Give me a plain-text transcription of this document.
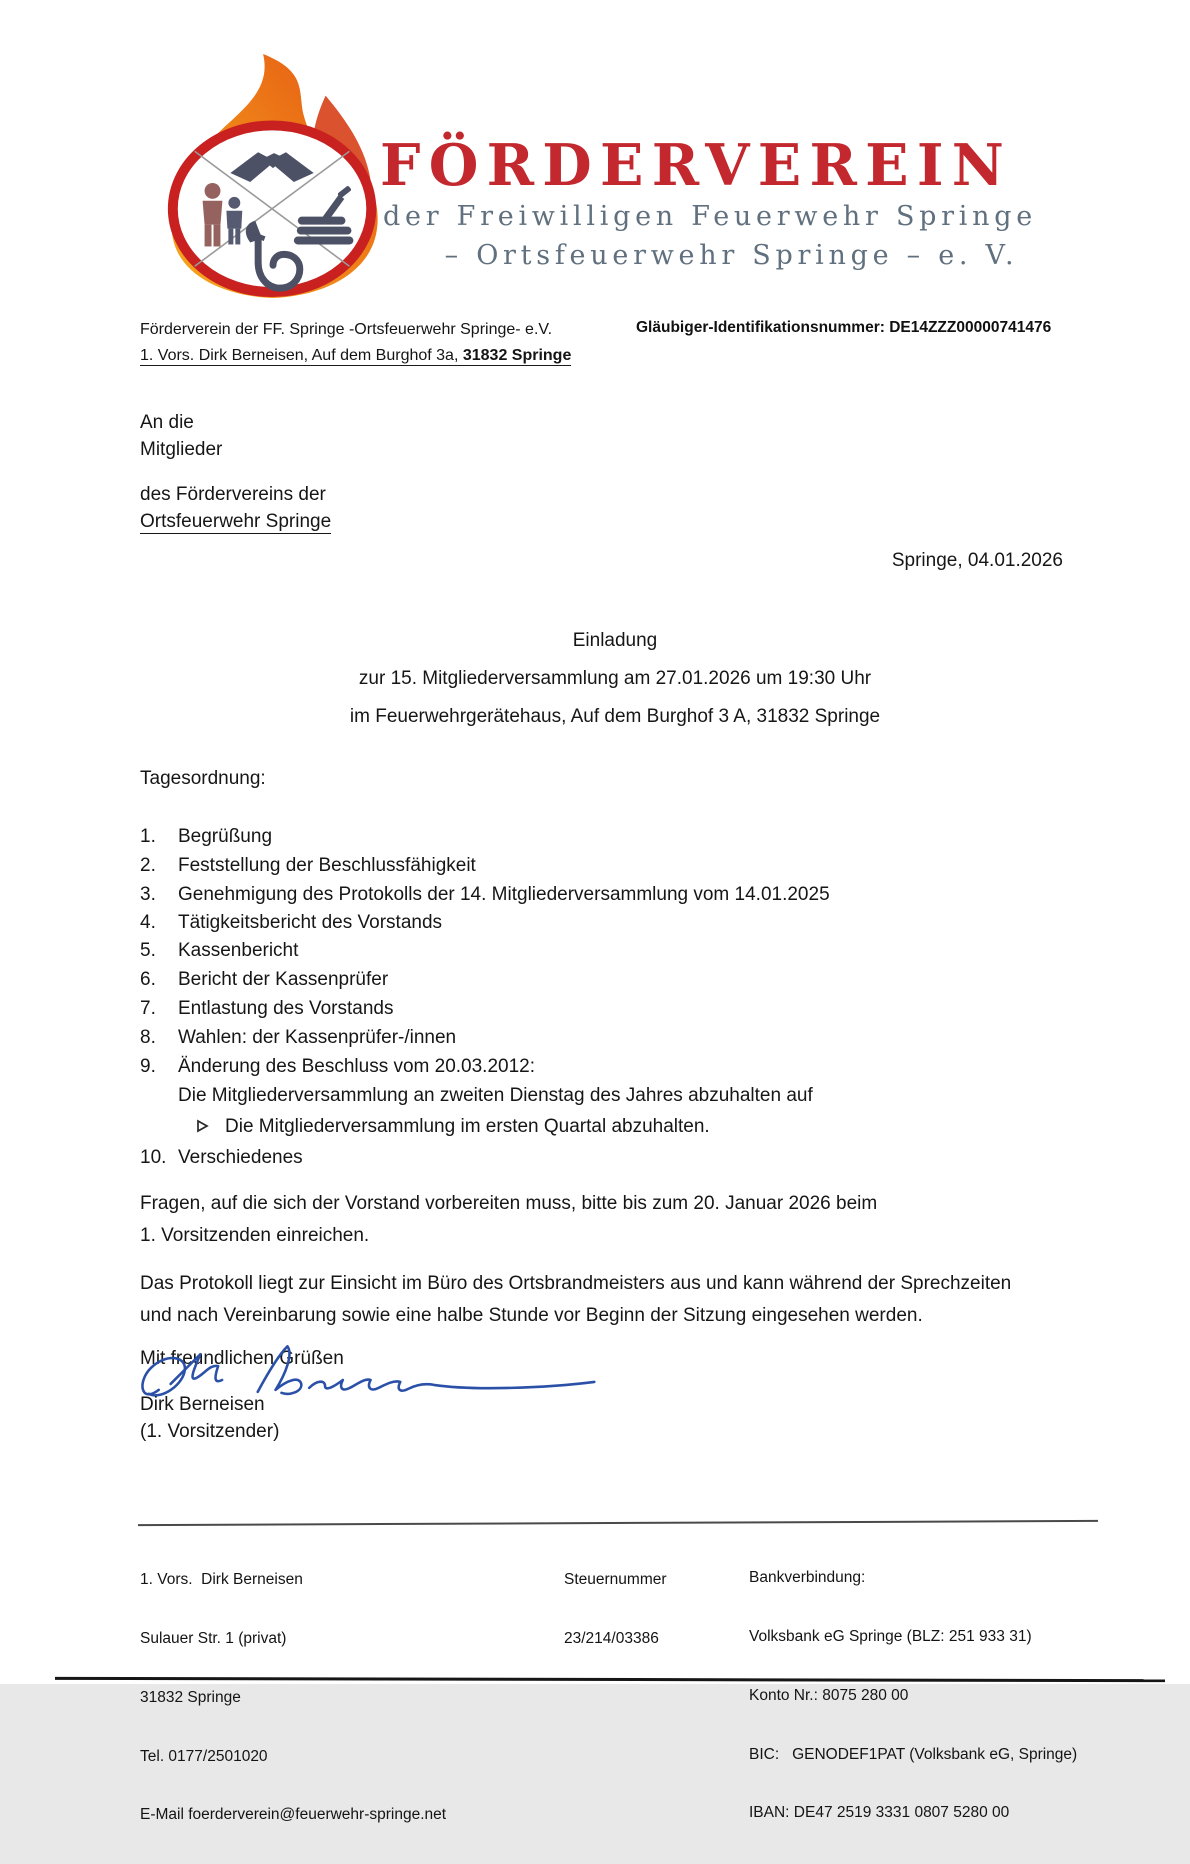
FÖRDERVEREIN
der Freiwilligen Feuerwehr Springe
– Ortsfeuerwehr Springe – e. V.
Förderverein der FF. Springe -Ortsfeuerwehr Springe- e.V.
1. Vors. Dirk Berneisen, Auf dem Burghof 3a, 31832 Springe
Gläubiger-Identifikationsnummer: DE14ZZZ00000741476
An die
Mitglieder
des Fördervereins der
Ortsfeuerwehr Springe
Springe, 04.01.2026
Einladung
zur 15. Mitgliederversammlung am 27.01.2026 um 19:30 Uhr
im Feuerwehrgerätehaus, Auf dem Burghof 3 A, 31832 Springe
Tagesordnung:
1.	Begrüßung
2.	Feststellung der Beschlussfähigkeit
3.	Genehmigung des Protokolls der 14. Mitgliederversammlung vom 14.01.2025
4.	Tätigkeitsbericht des Vorstands
5.	Kassenbericht
6.	Bericht der Kassenprüfer
7.	Entlastung des Vorstands
8.	Wahlen: der Kassenprüfer-/innen
9.	Änderung des Beschluss vom 20.03.2012:
Die Mitgliederversammlung an zweiten Dienstag des Jahres abzuhalten auf
Die Mitgliederversammlung im ersten Quartal abzuhalten.
10. Verschiedenes
Fragen, auf die sich der Vorstand vorbereiten muss, bitte bis zum 20. Januar 2026 beim
1. Vorsitzenden einreichen.
Das Protokoll liegt zur Einsicht im Büro des Ortsbrandmeisters aus und kann während der Sprechzeiten
und nach Vereinbarung sowie eine halbe Stunde vor Beginn der Sitzung eingesehen werden.
Mit freundlichen Grüßen
Dirk Berneisen
(1. Vorsitzender)

1. Vors.  Dirk Berneisen

Sulauer Str. 1 (privat)

31832 Springe

Tel. 0177/2501020

E-Mail foerderverein@feuerwehr-springe.net

Steuernummer

23/214/03386

Bankverbindung:

Volksbank eG Springe (BLZ: 251 933 31)

Konto Nr.: 8075 280 00

BIC:   GENODEF1PAT (Volksbank eG, Springe)

IBAN: DE47 2519 3331 0807 5280 00
